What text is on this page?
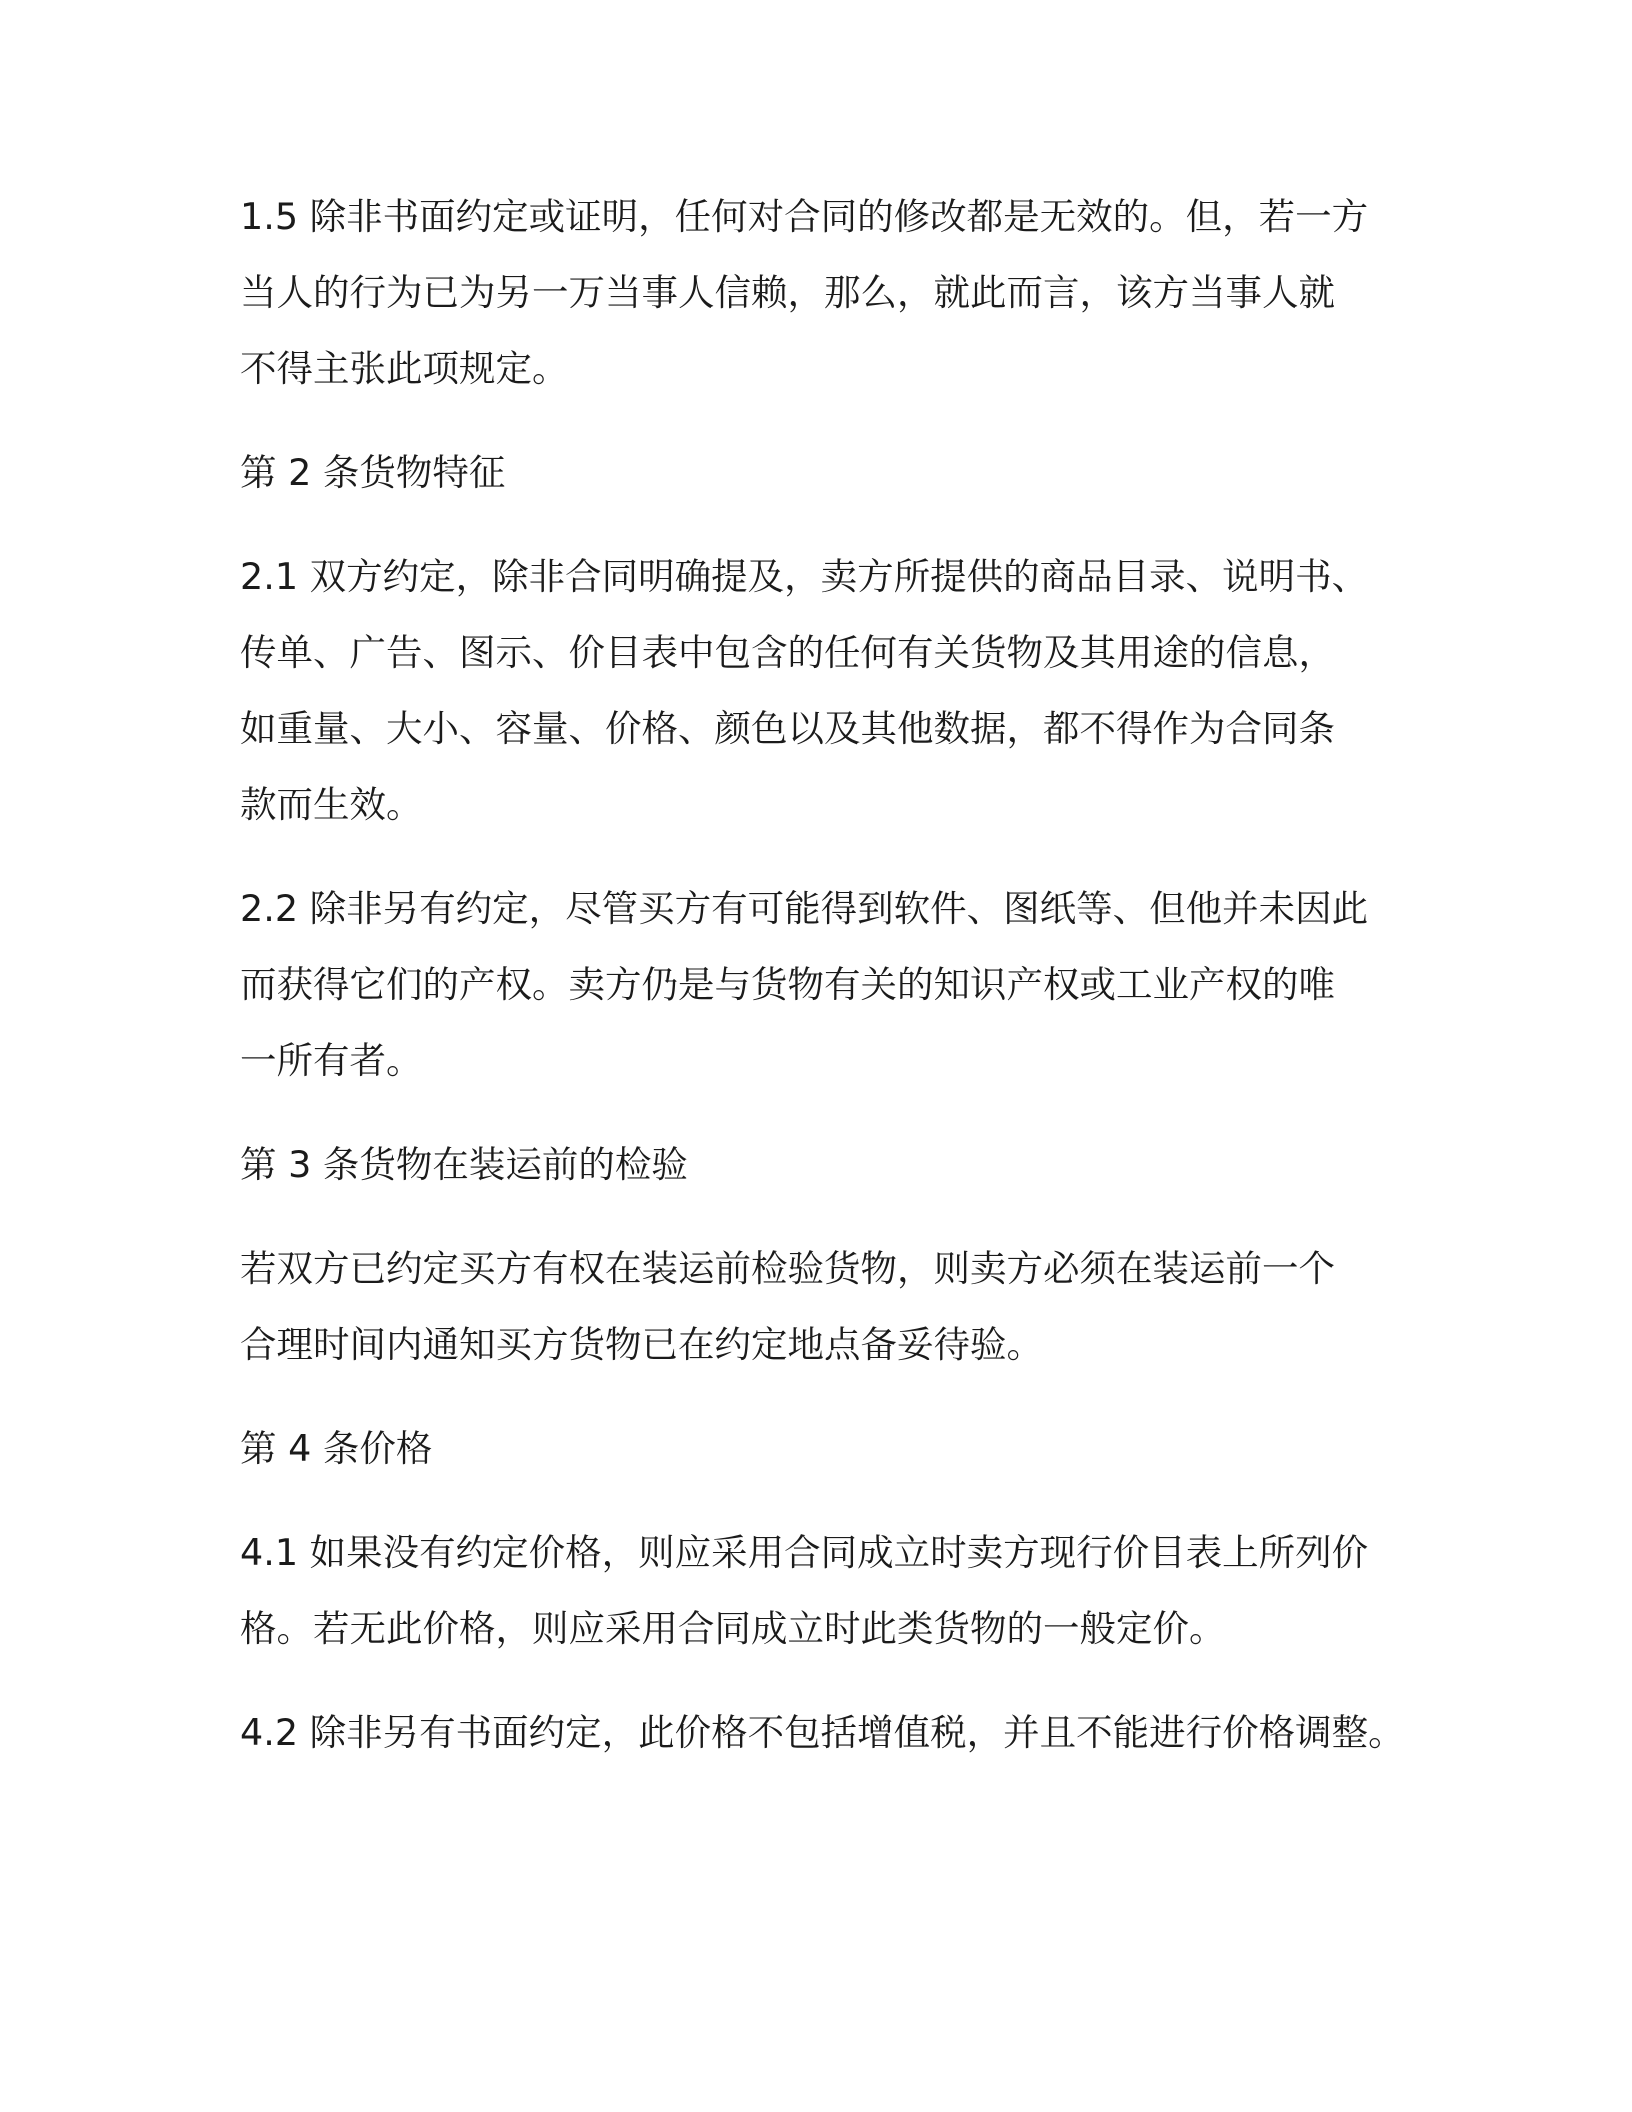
1.5 除非书面约定或证明，任何对合同的修改都是无效的。但，若一方
当人的行为已为另一万当事人信赖，那么，就此而言，该方当事人就
不得主张此项规定。

第 2 条货物特征

2.1 双方约定，除非合同明确提及，卖方所提供的商品目录、说明书、
传单、广告、图示、价目表中包含的任何有关货物及其用途的信息，
如重量、大小、容量、价格、颜色以及其他数据，都不得作为合同条
款而生效。

2.2 除非另有约定，尽管买方有可能得到软件、图纸等、但他并未因此
而获得它们的产权。卖方仍是与货物有关的知识产权或工业产权的唯
一所有者。

第 3 条货物在装运前的检验

若双方已约定买方有权在装运前检验货物，则卖方必须在装运前一个
合理时间内通知买方货物已在约定地点备妥待验。

第 4 条价格

4.1 如果没有约定价格，则应采用合同成立时卖方现行价目表上所列价
格。若无此价格，则应采用合同成立时此类货物的一般定价。

4.2 除非另有书面约定，此价格不包括增值税，并且不能进行价格调整。
